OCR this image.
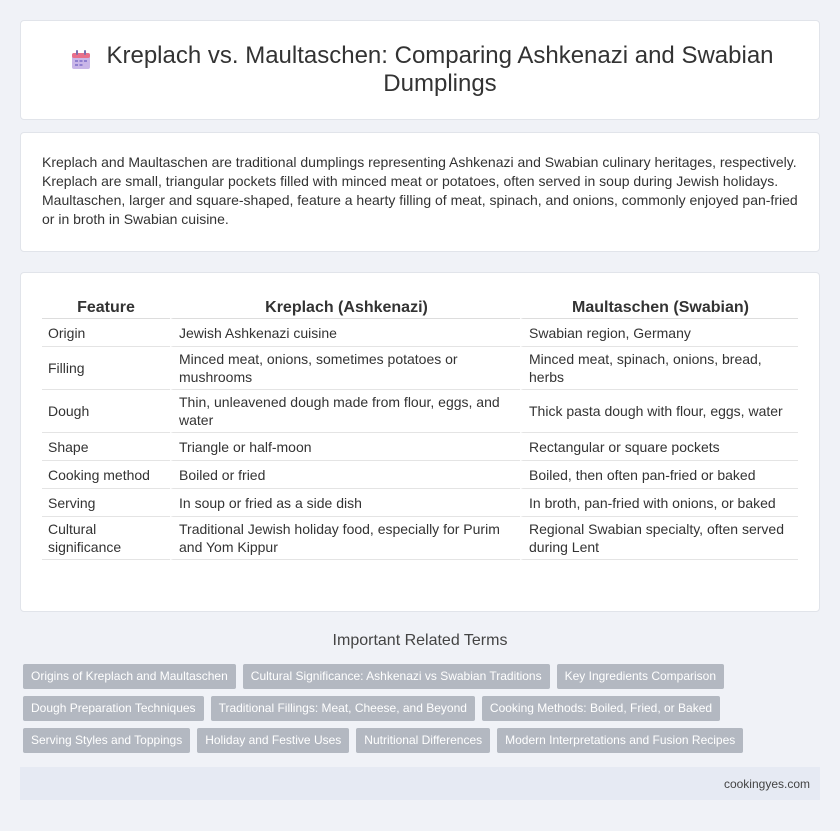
Kreplach vs. Maultaschen: Comparing Ashkenazi and Swabian Dumplings

Kreplach and Maultaschen are traditional dumplings representing Ashkenazi and Swabian culinary heritages, respectively. Kreplach are small, triangular pockets filled with minced meat or potatoes, often served in soup during Jewish holidays. Maultaschen, larger and square-shaped, feature a hearty filling of meat, spinach, and onions, commonly enjoyed pan-fried or in broth in Swabian cuisine.

Feature	Kreplach (Ashkenazi)	Maultaschen (Swabian)
Origin	Jewish Ashkenazi cuisine	Swabian region, Germany
Filling	Minced meat, onions, sometimes potatoes or mushrooms	Minced meat, spinach, onions, bread, herbs
Dough	Thin, unleavened dough made from flour, eggs, and water	Thick pasta dough with flour, eggs, water
Shape	Triangle or half-moon	Rectangular or square pockets
Cooking method	Boiled or fried	Boiled, then often pan-fried or baked
Serving	In soup or fried as a side dish	In broth, pan-fried with onions, or baked
Cultural significance	Traditional Jewish holiday food, especially for Purim and Yom Kippur	Regional Swabian specialty, often served during Lent
Important Related Terms
Origins of Kreplach and Maultaschen	Cultural Significance: Ashkenazi vs Swabian Traditions	Key Ingredients Comparison
Dough Preparation Techniques	Traditional Fillings: Meat, Cheese, and Beyond	Cooking Methods: Boiled, Fried, or Baked
Serving Styles and Toppings	Holiday and Festive Uses	Nutritional Differences	Modern Interpretations and Fusion Recipes
cookingyes.com
